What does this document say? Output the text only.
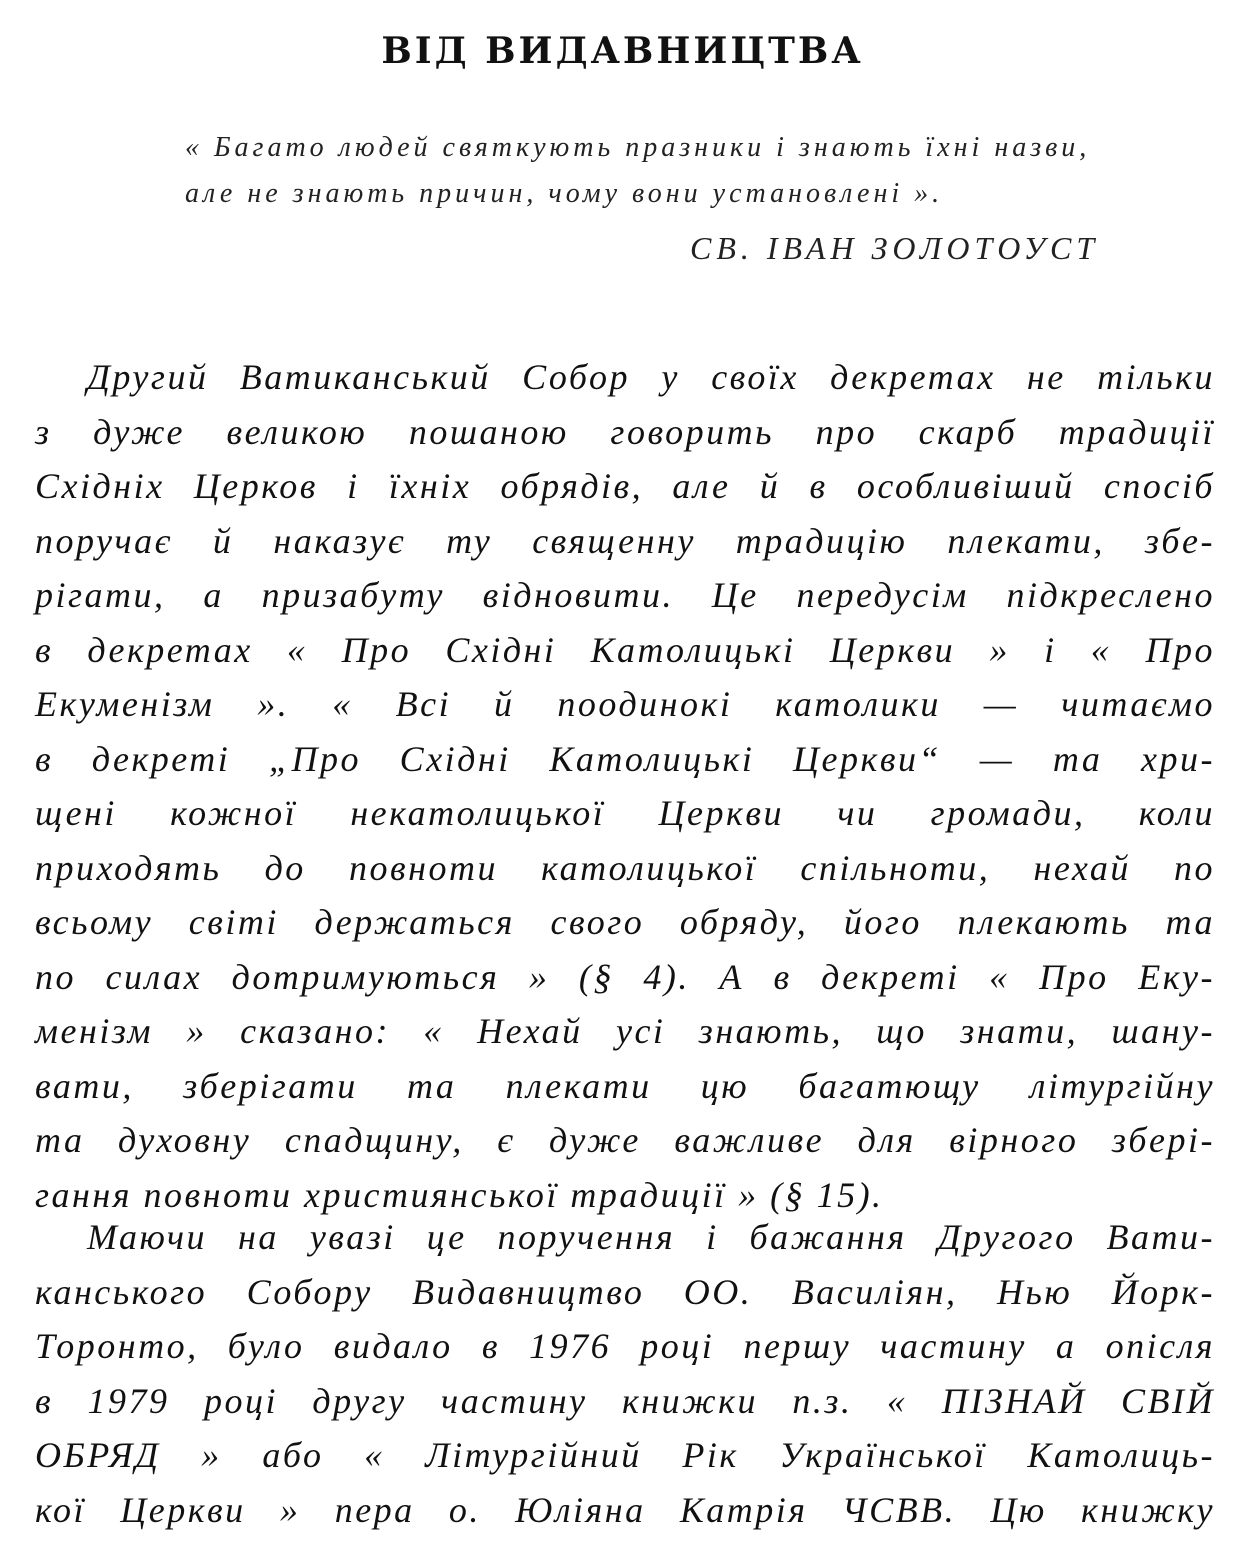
ВІД ВИДАВНИЦТВА
« Багато людей святкують празники і знають їхні назви,
але не знають причин, чому вони установлені ».
СВ. ІВАН ЗОЛОТОУСТ
Другий Ватиканський Собор у своїх декретах не тільки
з дуже великою пошаною говорить про скарб традиції
Східніх Церков і їхніх обрядів, але й в особливіший спосіб
поручає й наказує ту священну традицію плекати, збе-
рігати, а призабуту відновити. Це передусім підкреслено
в декретах « Про Східні Католицькі Церкви » і « Про
Екуменізм ». « Всі й поодинокі католики — читаємо
в декреті „Про Східні Католицькі Церкви“ — та хри-
щені кожної некатолицької Церкви чи громади, коли
приходять до повноти католицької спільноти, нехай по
всьому світі держаться свого обряду, його плекають та
по силах дотримуються » (§ 4). А в декреті « Про Еку-
менізм » сказано: « Нехай усі знають, що знати, шану-
вати, зберігати та плекати цю багатющу літургійну
та духовну спадщину, є дуже важливе для вірного зберi-
гання повноти християнської традиції » (§ 15).
Маючи на увазі це поручення і бажання Другого Вати-
канського Собору Видавництво ОО. Василіян, Нью Йорк-
Торонто, було видало в 1976 році першу частину а опісля
в 1979 році другу частину книжки п.з. « ПІЗНАЙ СВІЙ
ОБРЯД » або « Літургійний Рік Української Католиць-
кої Церкви » пера о. Юліяна Катрія ЧСВВ. Цю книжку
